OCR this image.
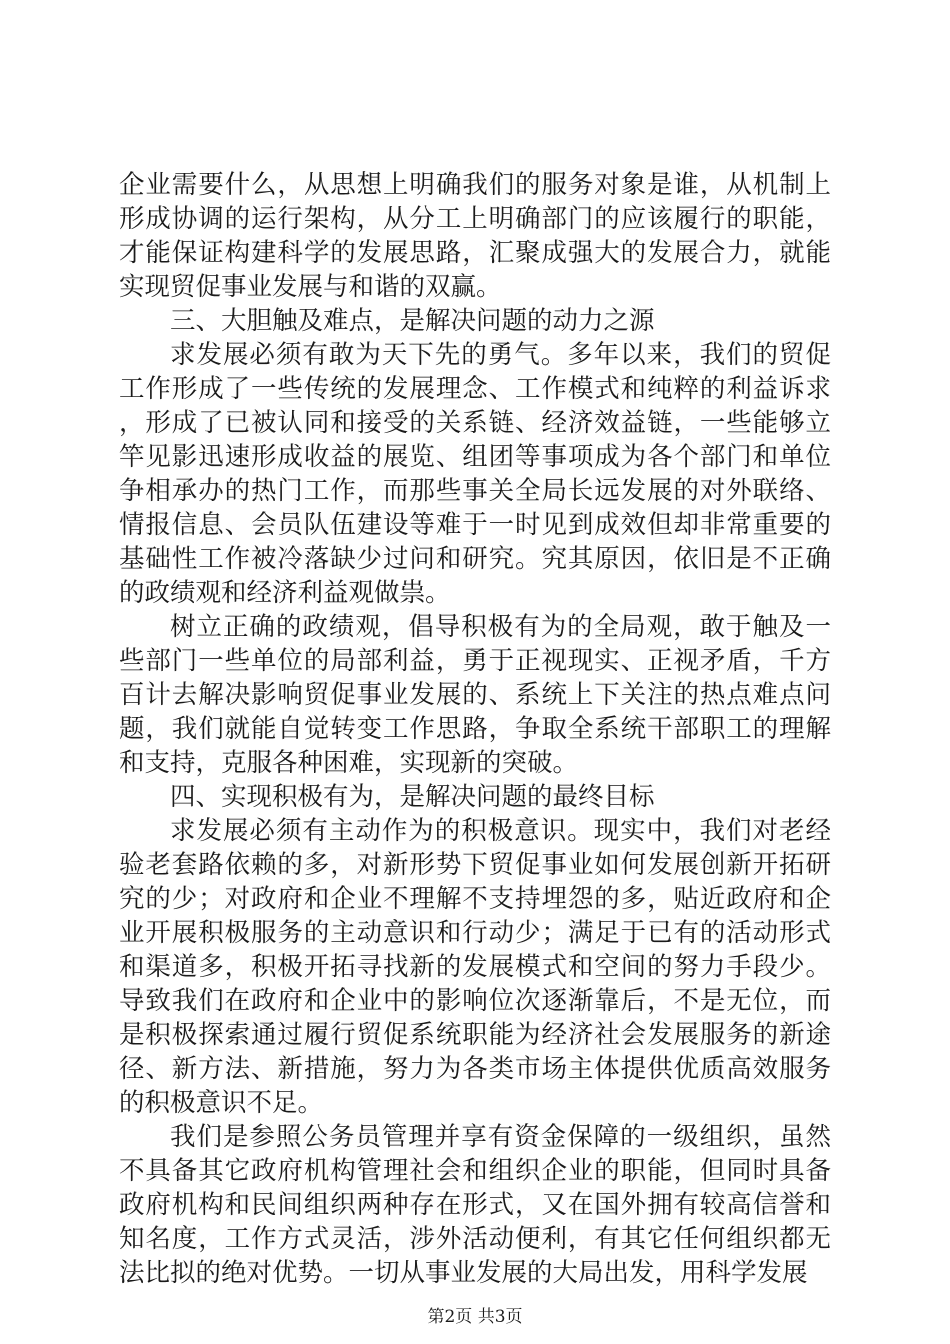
企业需要什么，从思想上明确我们的服务对象是谁，从机制上形成协调的运行架构，从分工上明确部门的应该履行的职能，才能保证构建科学的发展思路，汇聚成强大的发展合力，就能实现贸促事业发展与和谐的双赢。

三、大胆触及难点，是解决问题的动力之源

求发展必须有敢为天下先的勇气。多年以来，我们的贸促工作形成了一些传统的发展理念、工作模式和纯粹的利益诉求，形成了已被认同和接受的关系链、经济效益链，一些能够立竿见影迅速形成收益的展览、组团等事项成为各个部门和单位争相承办的热门工作，而那些事关全局长远发展的对外联络、情报信息、会员队伍建设等难于一时见到成效但却非常重要的基础性工作被冷落缺少过问和研究。究其原因，依旧是不正确的政绩观和经济利益观做祟。

树立正确的政绩观，倡导积极有为的全局观，敢于触及一些部门一些单位的局部利益，勇于正视现实、正视矛盾，千方百计去解决影响贸促事业发展的、系统上下关注的热点难点问题，我们就能自觉转变工作思路，争取全系统干部职工的理解和支持，克服各种困难，实现新的突破。

四、实现积极有为，是解决问题的最终目标

求发展必须有主动作为的积极意识。现实中，我们对老经验老套路依赖的多，对新形势下贸促事业如何发展创新开拓研究的少；对政府和企业不理解不支持埋怨的多，贴近政府和企业开展积极服务的主动意识和行动少；满足于已有的活动形式和渠道多，积极开拓寻找新的发展模式和空间的努力手段少。导致我们在政府和企业中的影响位次逐渐靠后，不是无位，而是积极探索通过履行贸促系统职能为经济社会发展服务的新途径、新方法、新措施，努力为各类市场主体提供优质高效服务的积极意识不足。

我们是参照公务员管理并享有资金保障的一级组织，虽然不具备其它政府机构管理社会和组织企业的职能，但同时具备政府机构和民间组织两种存在形式，又在国外拥有较高信誉和知名度，工作方式灵活，涉外活动便利，有其它任何组织都无法比拟的绝对优势。一切从事业发展的大局出发，用科学发展

第2页 共3页
